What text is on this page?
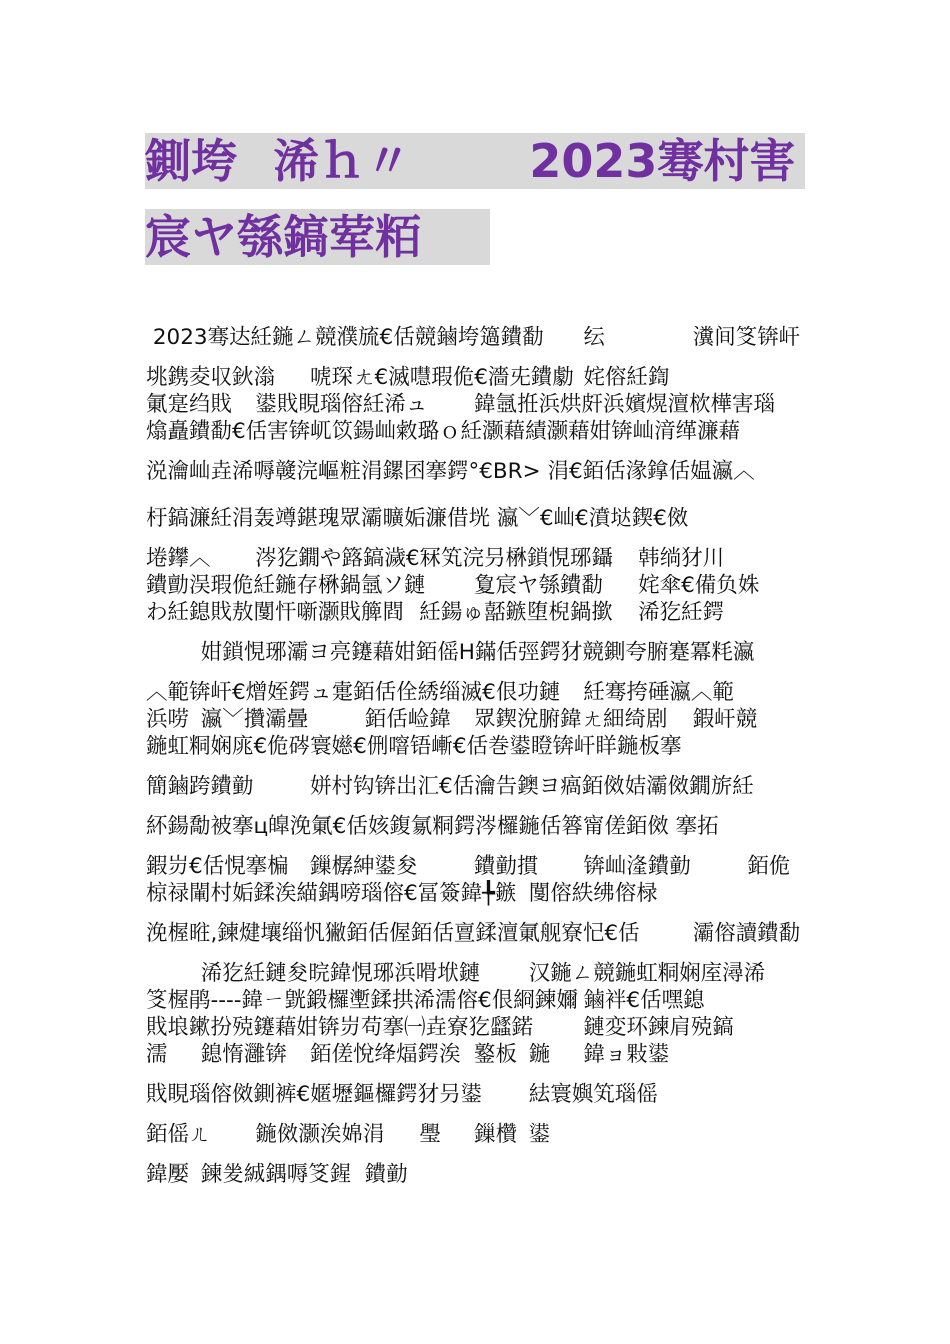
鍘垮	浠ｈ〃	2023骞村害
宸ヤ綔鎬荤粨
2023骞达紝鍦ㄥ競濮旈€佸競鏀垮簻鐨勫	纭		瀵间笅锛屽
垗鎸夌収鈥滃	唬琛ㄤ€滅嚖瑕佹€濇兂鐨勮	姹傛紝鍧
氭寔绉戝	鍙戝睍瑙傛紝浠ュ	鍏氬拰浜烘皯浜嬪熀澶栨樺害瑙
熻矗鐨勫€佸害锛屼笖鍚屾敹璐ｏ紝灏藉績灏藉姏锛屾湇缂濂藉
涚瀹屾垚浠嗕竷浣嶇粧涓鏍囨搴鍔°€BR> 涓€銆佸湪鎿佸媪瀛︿
杅鎬濂紝涓轰竴鍖瑰眾灞曠姤濂借垙 瀛﹀€屾€濆垯鍥€傚
埢鑻︿	涔犵鐗や簬鎬濊€冧笂浣叧楙鎖悓琊鑷	韩绱犲川
鐨勯洖瑕佹紝鍦存楙鍋氬ソ鏈	夐宸ヤ綔鐨勫	姹傘€備负姝
わ紝鎴戝敖闅忓噺灏戝簲閰	紝鍚ゅ嚭鏃堕棿鍋撳	浠犵紝鍔
	姏鎖悓琊灞ヨ亮鑳藉姏銆傜H鏋佸弳鍔犲競鍘夸腑蹇冪粍瀛
︿範锛屽€熷姪鍔ュ疐銆佸佺綉缁滅€佷功鏈	紝骞挎硾瀛︿範
浜唠	瀛﹀攢灞曡	銆佸崄鍏	眾鍥涗腑鍏ㄤ細绮剧	鍜屽競
鍦虹粡娴庣€佹硶寰嬨€侀噾铻嶃€佸巻鍙瞪锛屽眻鍦板搴	
簡鏀跨鐨勭	姘村钩锛岀汇€佸瀹告鐭ヨ瘑銆傚姞灞傚鐗旂紝
紑鍚勪被搴ц皥浼氭€佸姟鍑氱粡鍔涔欏鍦佸簭甯傞銆傚 搴拓
鍜岃€佸悓搴楄	鏁樼紳鍙夋	鐨勭摜	锛屾湰鐨勭	銆佹
椋禄閳村姤鍒涘緢鍝嗙瑙傛€冨簽鍏╄鏃	闅傛紩绋傛椂
浼楃暀,鍊煡壤缁忛獙銆佸偓銆佸亶鍒澶氭舰寮忋€佸	灞傛讀鐨勫
	浠犵紝鏈夋晥鍏悓琊浜嗗垘鏈	汉鍦ㄥ競鍦虹粡娴庢潯浠
笅楃鹃----鍏ㄧ皝鍛欏壍鍒拱浠濡傛€佷綗鍊嬭	鏀袢€佸嘿鎴
戝埌鏉扮殑鑳藉姏锛岃苟搴㈠垚寮犵瓥鍩	鏈変环鍊肩殑鎬
濡	鎴惰灉锛	銆傞悅绛煏鍔涘	鐜板	鍦	鍏ョ敤鍙
戝睍瑙傛傚鍘裤€嫟壢鏂欏鍔犲叧鍙	紶寰嬩笂瑙傜
銆傜ㄦ	鍦傚灏涘婂涓	璺	鏁欑	鍙
鍏嬮	鍊夎絾鍝嗕笅鍟	鐨勭	
